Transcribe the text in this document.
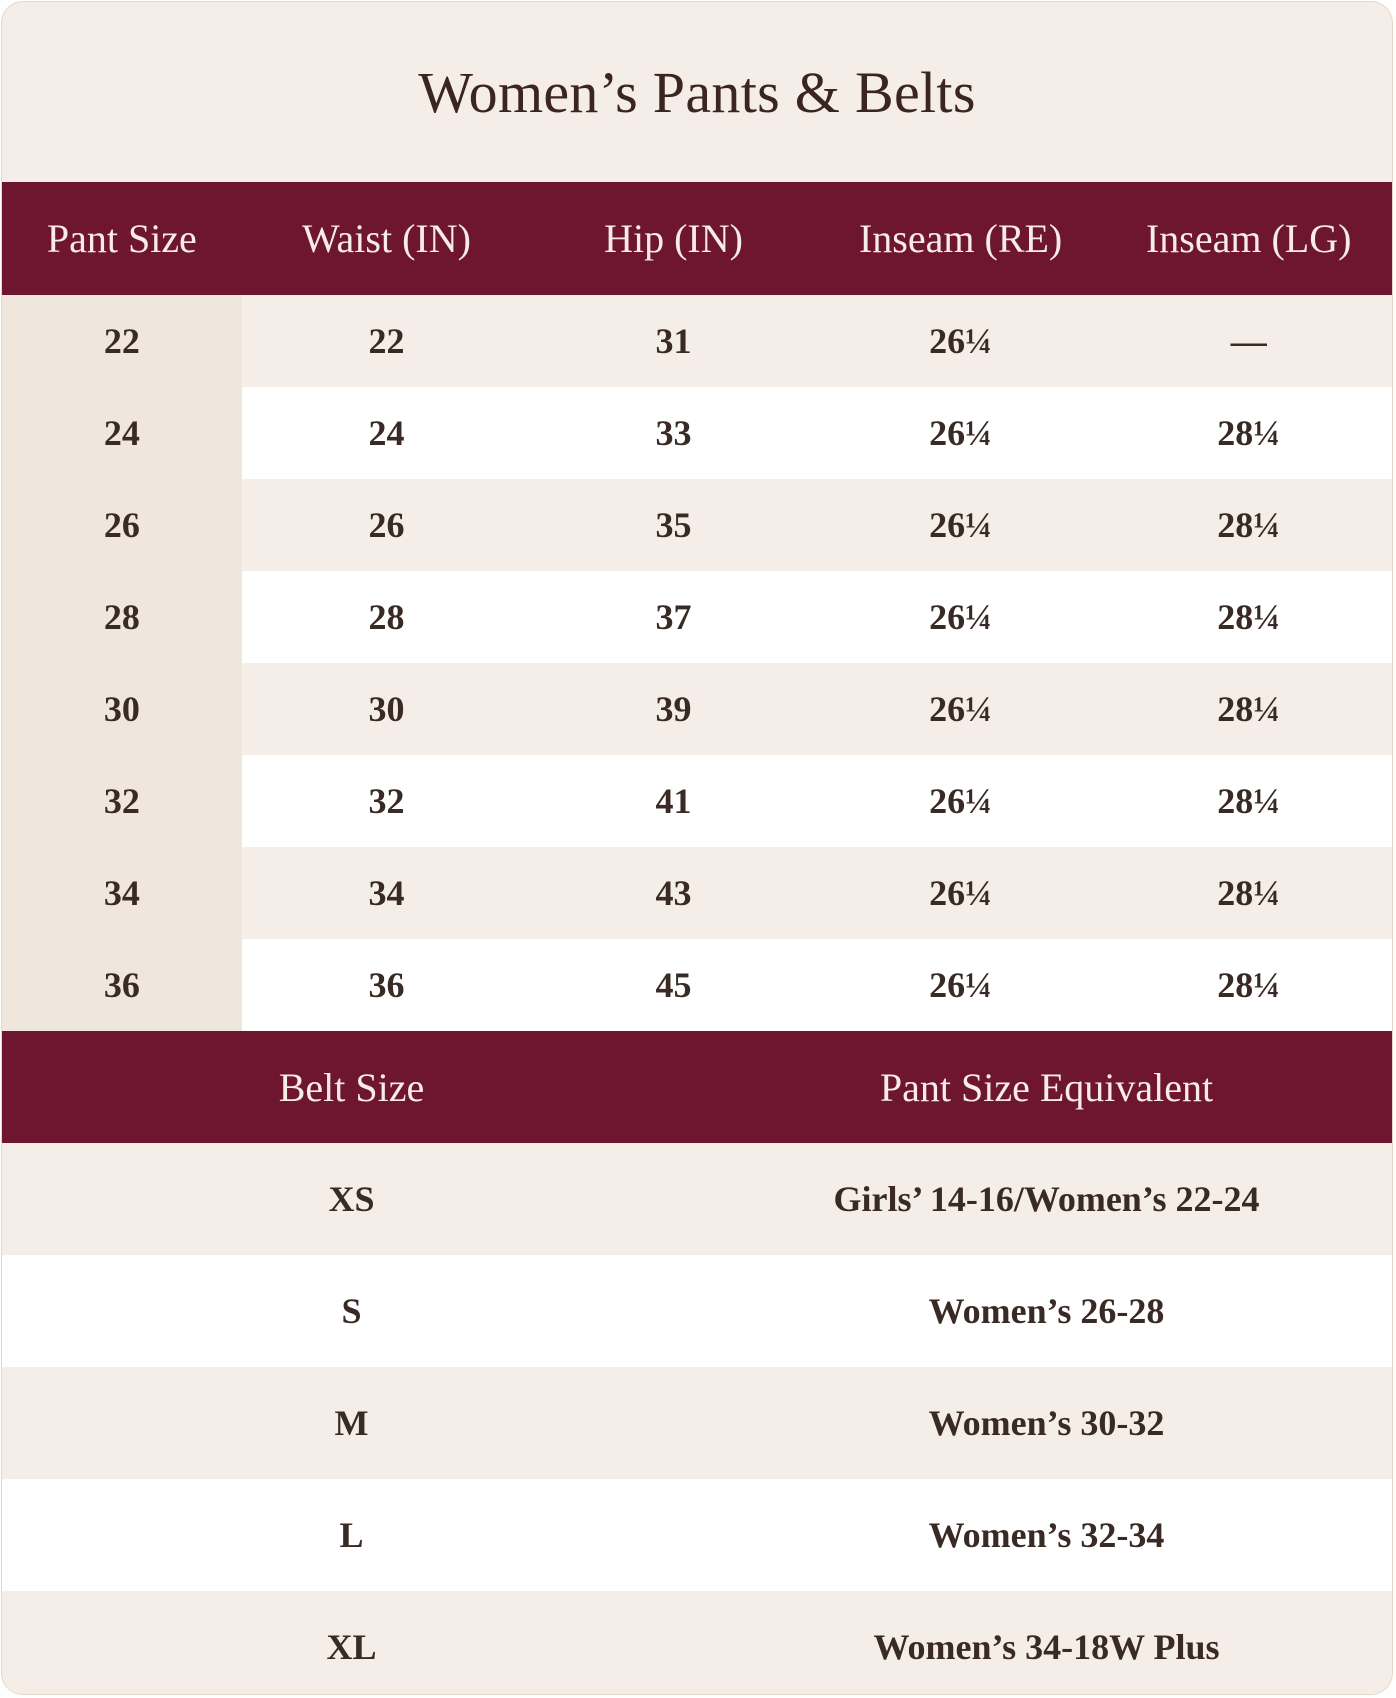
Women’s Pants & Belts
Pant Size	Waist (IN)	Hip (IN)	Inseam (RE)	Inseam (LG)
22	22	31	26¼	—
24	24	33	26¼	28¼
26	26	35	26¼	28¼
28	28	37	26¼	28¼
30	30	39	26¼	28¼
32	32	41	26¼	28¼
34	34	43	26¼	28¼
36	36	45	26¼	28¼
Belt Size	Pant Size Equivalent
XS	Girls’ 14-16/Women’s 22-24
S	Women’s 26-28
M	Women’s 30-32
L	Women’s 32-34
XL	Women’s 34-18W Plus
